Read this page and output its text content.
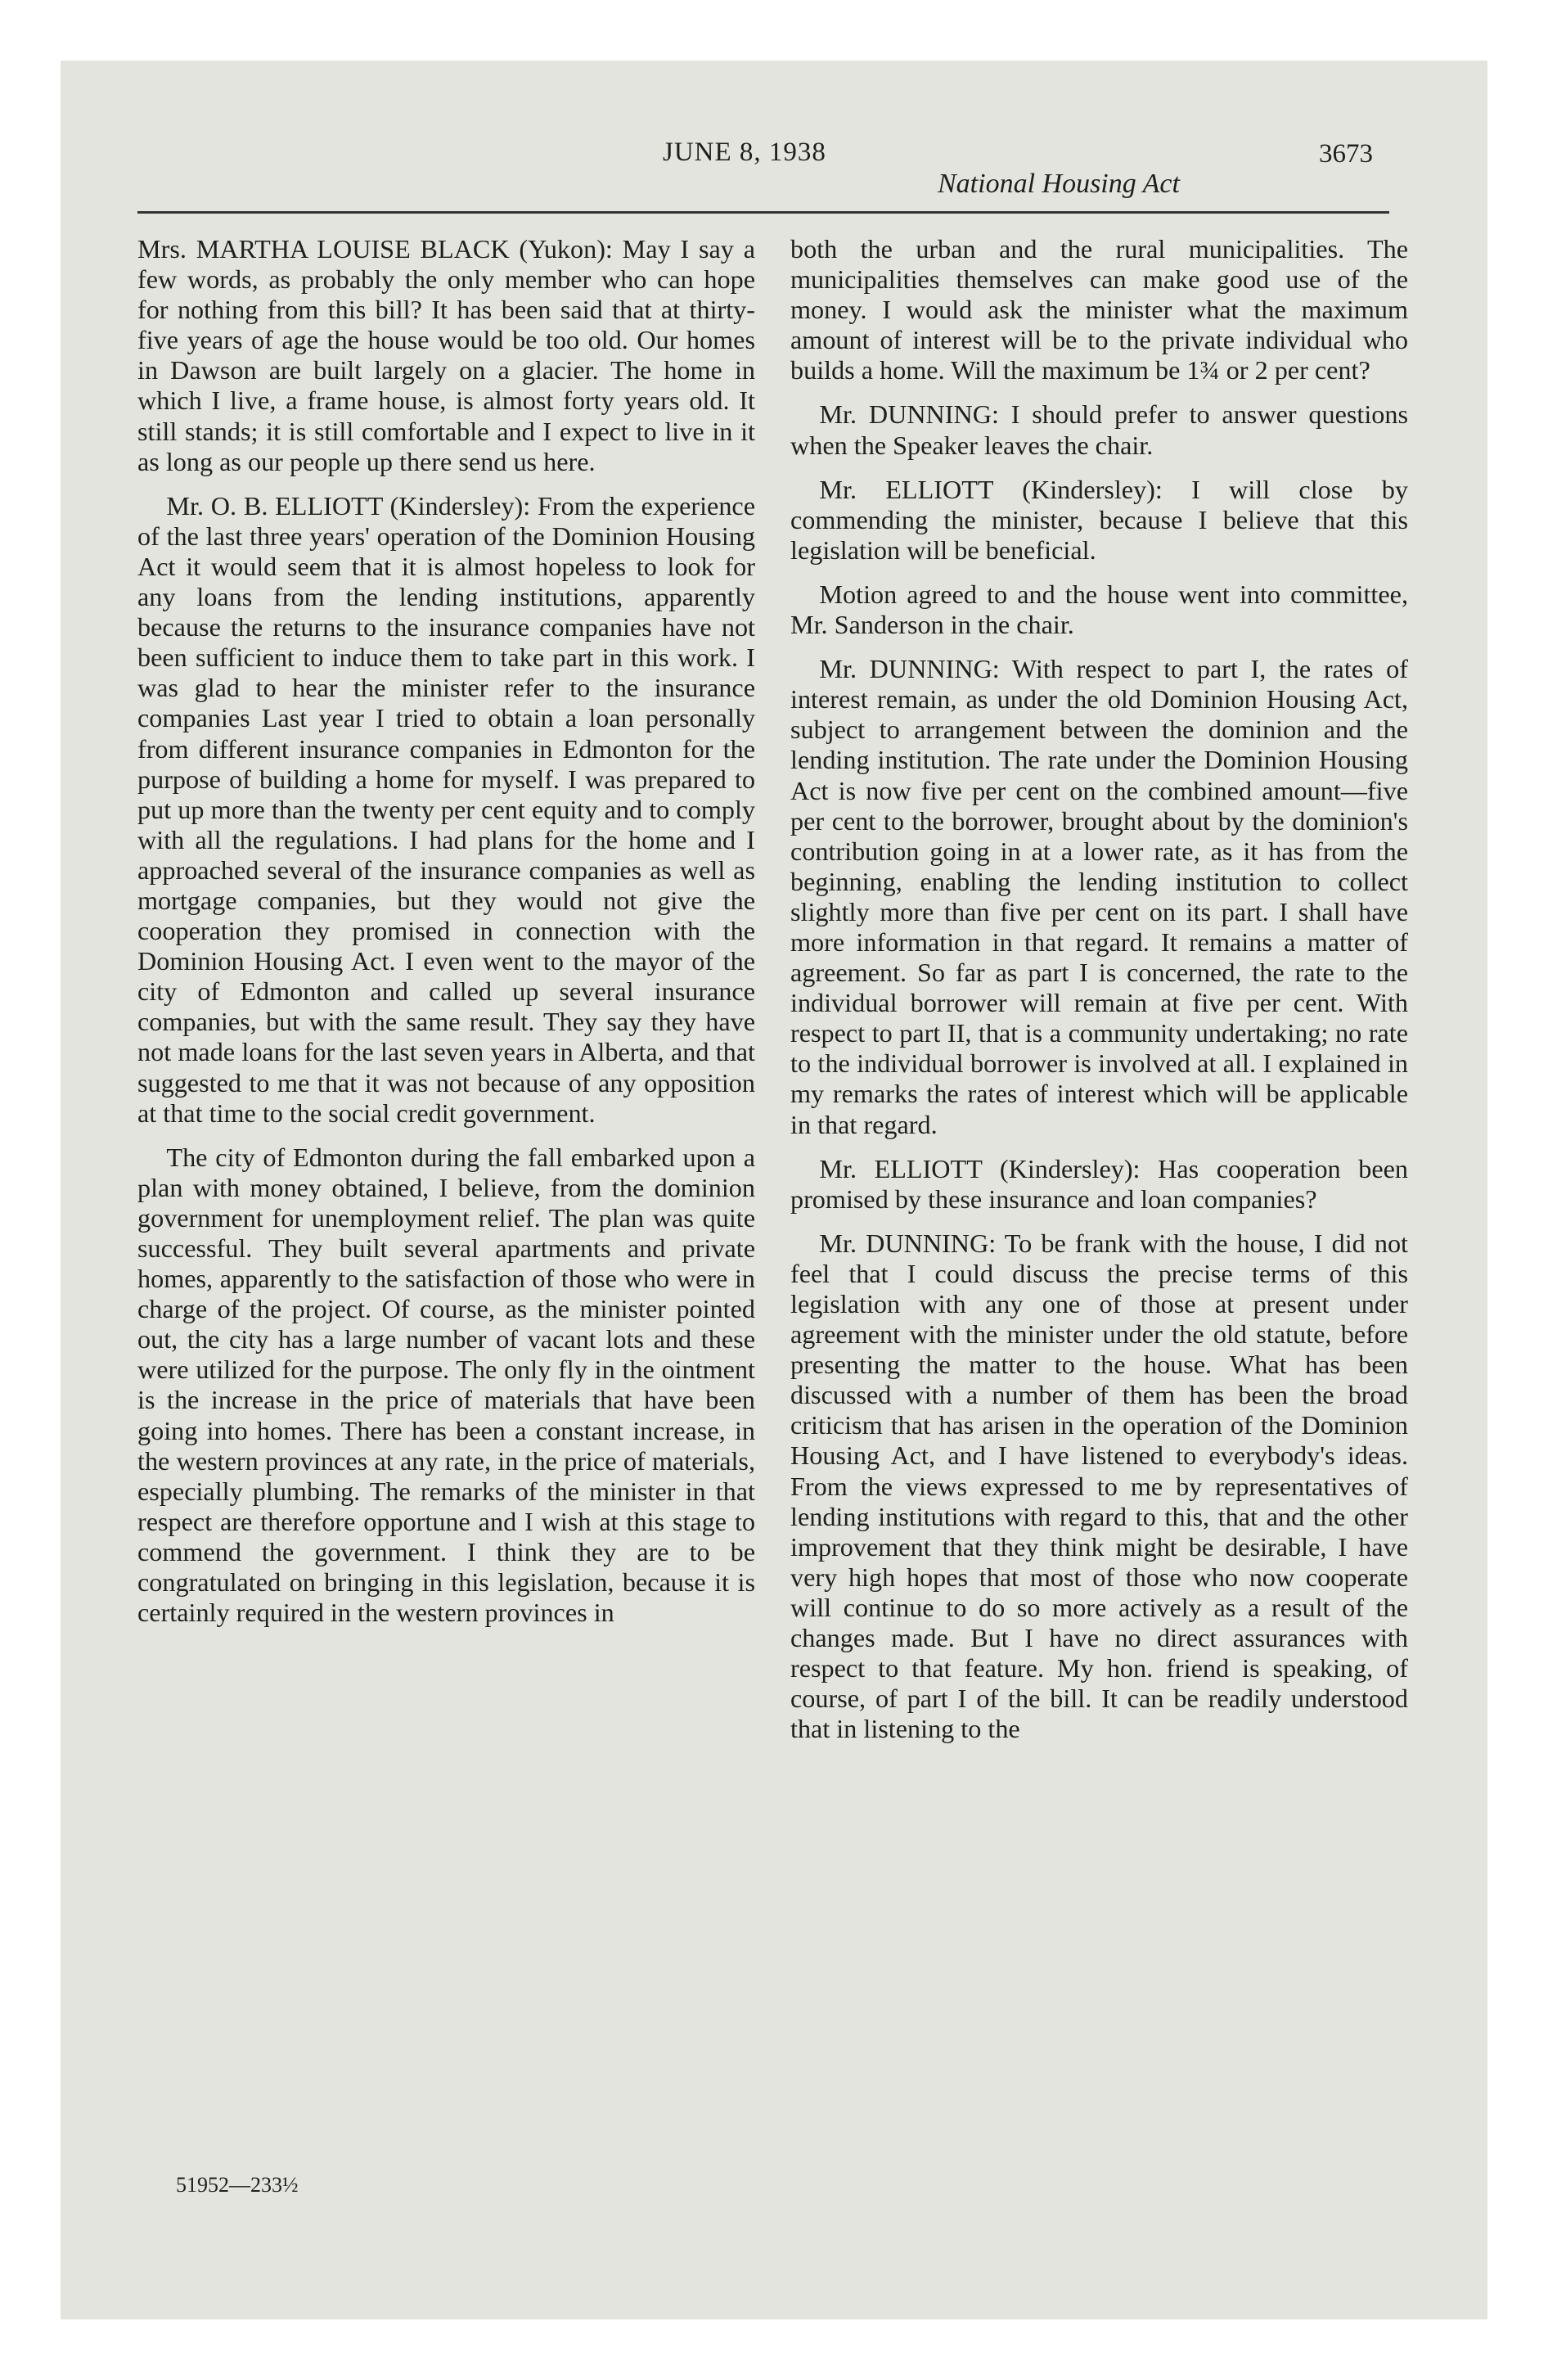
JUNE 8, 1938
National Housing Act
3673

Mrs. MARTHA LOUISE BLACK (Yukon): May I say a few words, as probably the only member who can hope for nothing from this bill? It has been said that at thirty-five years of age the house would be too old. Our homes in Dawson are built largely on a glacier. The home in which I live, a frame house, is almost forty years old. It still stands; it is still comfortable and I expect to live in it as long as our people up there send us here.

Mr. O. B. ELLIOTT (Kindersley): From the experience of the last three years' operation of the Dominion Housing Act it would seem that it is almost hopeless to look for any loans from the lending institutions, apparently because the returns to the insurance companies have not been sufficient to induce them to take part in this work. I was glad to hear the minister refer to the insurance companies Last year I tried to obtain a loan personally from different insurance companies in Edmonton for the purpose of building a home for myself. I was prepared to put up more than the twenty per cent equity and to comply with all the regulations. I had plans for the home and I approached several of the insurance companies as well as mortgage companies, but they would not give the cooperation they promised in connection with the Dominion Housing Act. I even went to the mayor of the city of Edmonton and called up several insurance companies, but with the same result. They say they have not made loans for the last seven years in Alberta, and that suggested to me that it was not because of any opposition at that time to the social credit government.

The city of Edmonton during the fall embarked upon a plan with money obtained, I believe, from the dominion government for unemployment relief. The plan was quite successful. They built several apartments and private homes, apparently to the satisfaction of those who were in charge of the project. Of course, as the minister pointed out, the city has a large number of vacant lots and these were utilized for the purpose. The only fly in the ointment is the increase in the price of materials that have been going into homes. There has been a constant increase, in the western provinces at any rate, in the price of materials, especially plumbing. The remarks of the minister in that respect are therefore opportune and I wish at this stage to commend the government. I think they are to be congratulated on bringing in this legislation, because it is certainly required in the western provinces in

both the urban and the rural municipalities. The municipalities themselves can make good use of the money. I would ask the minister what the maximum amount of interest will be to the private individual who builds a home. Will the maximum be 1¾ or 2 per cent?

Mr. DUNNING: I should prefer to answer questions when the Speaker leaves the chair.

Mr. ELLIOTT (Kindersley): I will close by commending the minister, because I believe that this legislation will be beneficial.

Motion agreed to and the house went into committee, Mr. Sanderson in the chair.

Mr. DUNNING: With respect to part I, the rates of interest remain, as under the old Dominion Housing Act, subject to arrangement between the dominion and the lending institution. The rate under the Dominion Housing Act is now five per cent on the combined amount—five per cent to the borrower, brought about by the dominion's contribution going in at a lower rate, as it has from the beginning, enabling the lending institution to collect slightly more than five per cent on its part. I shall have more information in that regard. It remains a matter of agreement. So far as part I is concerned, the rate to the individual borrower will remain at five per cent. With respect to part II, that is a community undertaking; no rate to the individual borrower is involved at all. I explained in my remarks the rates of interest which will be applicable in that regard.

Mr. ELLIOTT (Kindersley): Has cooperation been promised by these insurance and loan companies?

Mr. DUNNING: To be frank with the house, I did not feel that I could discuss the precise terms of this legislation with any one of those at present under agreement with the minister under the old statute, before presenting the matter to the house. What has been discussed with a number of them has been the broad criticism that has arisen in the operation of the Dominion Housing Act, and I have listened to everybody's ideas. From the views expressed to me by representatives of lending institutions with regard to this, that and the other improvement that they think might be desirable, I have very high hopes that most of those who now cooperate will continue to do so more actively as a result of the changes made. But I have no direct assurances with respect to that feature. My hon. friend is speaking, of course, of part I of the bill. It can be readily understood that in listening to the

51952—233½
